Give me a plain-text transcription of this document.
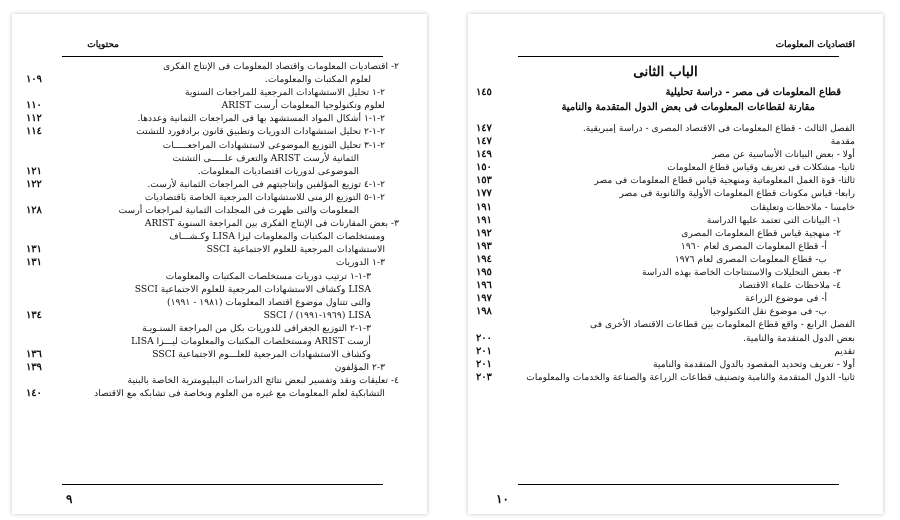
محتويات
٢- اقتصاديات المعلومات واقتصاد المعلومات فى الإنتاج الفكرى
لعلوم المكتبات والمعلومات.
١٠٩
٢-١ تحليل الاستشهادات المرجعية للمراجعات السنوية
لعلوم وتكنولوجيا المعلومات أرست ARIST
١١٠
٢-١-١ أشكال المواد المستشهد بها فى المراجعات الثمانية وعددها.
١١٢
٢-١-٢ تحليل استشهادات الدوريات وتطبيق قانون برادفورد للتشتت
١١٤
٢-١-٣ تحليل التوزيع الموضوعى لاستشهادات المراجعـــــات
الثمانية لأرست ARIST والتعرف علـــــى التشتت
الموضوعى لدوريات اقتصاديات المعلومات.
١٢١
٢-١-٤ توزيع المؤلفين وإنتاجيتهم فى المراجعات الثمانية لأرست.
١٢٢
٢-١-٥ التوزيع الزمنى للاستشهادات المرجعية الخاصة باقتصاديات
المعلومات والتى ظهرت فى المجلدات الثمانية لمراجعات أرست
١٢٨
٣- بعض المقارنات فى الإنتاج الفكرى بين المراجعة السنوية ARIST
ومستخلصات المكتبات والمعلومات ليزا LISA وكـشـــاف
الاستشهادات المرجعية للعلوم الاجتماعية SSCI
١٣١
٣-١ الدوريات
١٣١
٣-١-١ ترتيب دوريات مستخلصات المكتبات والمعلومات
LISA وكشاف الاستشهادات المرجعية للعلوم الاجتماعية SSCI
والتى تتناول موضوع اقتصاد المعلومات (١٩٨١ - ١٩٩١)
LISA (١٩٦٩-١٩٩١) / SSCI
١٣٤
٣-١-٢ التوزيع الجغرافى للدوريات بكل من المراجعة السنـويـة
أرست ARIST ومستخلصات المكتبات والمعلومات ليـــزا LISA
وكشاف الاستشهادات المرجعية للعلـــوم الاجتماعية SSCI
١٣٦
٣-٢ المؤلفون
١٣٩
٤- تعليقات ونقد وتفسير لبعض نتائج الدراسات الببليومترية الخاصة بالبنية
التشابكية لعلم المعلومات مع غيره من العلوم وبخاصة فى تشابكه مع الاقتصاد
١٤٠
٩
اقتصاديات المعلومات
الباب الثانى
قطاع المعلومات فى مصر - دراسة تحليلية
١٤٥
مقارنة لقطاعات المعلومات فى بعض الدول المتقدمة والنامية
الفصل الثالث - قطاع المعلومات فى الاقتصاد المصرى - دراسة إمبريقية.
١٤٧
مقدمة
١٤٧
أولا - بعض البيانات الأساسية عن مصر
١٤٩
ثانيا- مشكلات فى تعريف وقياس قطاع المعلومات
١٥٠
ثالثا- قوة العمل المعلوماتية ومنهجية قياس قطاع المعلومات فى مصر
١٥٣
رابعا- قياس مكونات قطاع المعلومات الأولية والثانوية فى مصر
١٧٧
خامسا - ملاحظات وتعليقات
١٩١
١- البيانات التى تعتمد عليها الدراسة
١٩١
٢- منهجية قياس قطاع المعلومات المصرى
١٩٢
أ- قطاع المعلومات المصرى لعام ١٩٦٠
١٩٣
ب- قطاع المعلومات المصرى لعام ١٩٧٦
١٩٤
٣- بعض التحليلات والاستنتاجات الخاصة بهذه الدراسة
١٩٥
٤- ملاحظات علماء الاقتصاد
١٩٦
أ- فى موضوع الزراعة
١٩٧
ب- فى موضوع نقل التكنولوجيا
١٩٨
الفصل الرابع - واقع قطاع المعلومات بين قطاعات الاقتصاد الأخرى فى
بعض الدول المتقدمة والنامية.
٢٠٠
تقديم
٢٠١
أولا - تعريف وتحديد المقصود بالدول المتقدمة والنامية
٢٠١
ثانيا- الدول المتقدمة والنامية وتصنيف قطاعات الزراعة والصناعة والخدمات والمعلومات
٢٠٣
١٠
